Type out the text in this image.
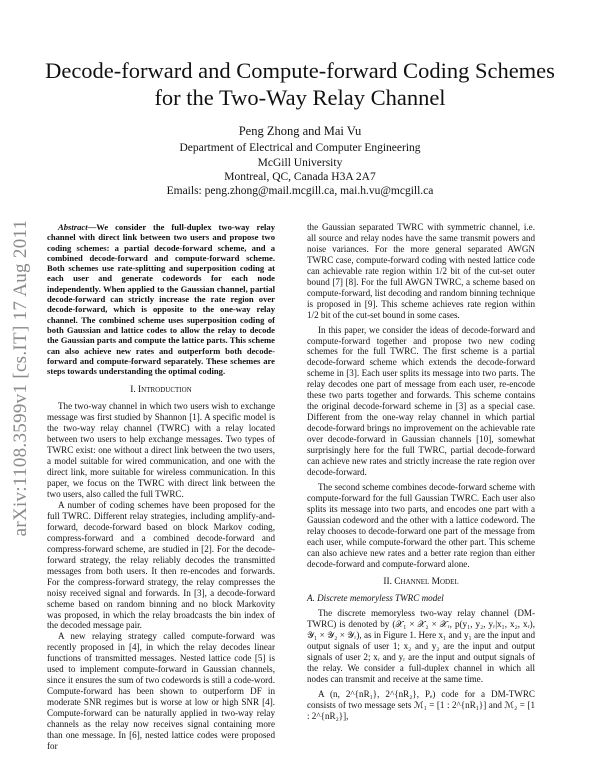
arXiv:1108.3599v1 [cs.IT] 17 Aug 2011
Decode-forward and Compute-forward Coding Schemes for the Two-Way Relay Channel
Peng Zhong and Mai Vu
Department of Electrical and Computer Engineering
McGill University
Montreal, QC, Canada H3A 2A7
Emails: peng.zhong@mail.mcgill.ca, mai.h.vu@mcgill.ca
Abstract—We consider the full-duplex two-way relay channel with direct link between two users and propose two coding schemes: a partial decode-forward scheme, and a combined decode-forward and compute-forward scheme. Both schemes use rate-splitting and superposition coding at each user and generate codewords for each node independently. When applied to the Gaussian channel, partial decode-forward can strictly increase the rate region over decode-forward, which is opposite to the one-way relay channel. The combined scheme uses superposition coding of both Gaussian and lattice codes to allow the relay to decode the Gaussian parts and compute the lattice parts. This scheme can also achieve new rates and outperform both decode-forward and compute-forward separately. These schemes are steps towards understanding the optimal coding.
I. Introduction

The two-way channel in which two users wish to exchange message was first studied by Shannon [1]. A specific model is the two-way relay channel (TWRC) with a relay located between two users to help exchange messages. Two types of TWRC exist: one without a direct link between the two users, a model suitable for wired communication, and one with the direct link, more suitable for wireless communication. In this paper, we focus on the TWRC with direct link between the two users, also called the full TWRC.

A number of coding schemes have been proposed for the full TWRC. Different relay strategies, including amplify-and-forward, decode-forward based on block Markov coding, compress-forward and a combined decode-forward and compress-forward scheme, are studied in [2]. For the decode-forward strategy, the relay reliably decodes the transmitted messages from both users. It then re-encodes and forwards. For the compress-forward strategy, the relay compresses the noisy received signal and forwards. In [3], a decode-forward scheme based on random binning and no block Markovity was proposed, in which the relay broadcasts the bin index of the decoded message pair.

A new relaying strategy called compute-forward was recently proposed in [4], in which the relay decodes linear functions of transmitted messages. Nested lattice code [5] is used to implement compute-forward in Gaussian channels, since it ensures the sum of two codewords is still a code-word. Compute-forward has been shown to outperform DF in moderate SNR regimes but is worse at low or high SNR [4]. Compute-forward can be naturally applied in two-way relay channels as the relay now receives signal containing more than one message. In [6], nested lattice codes were proposed for

the Gaussian separated TWRC with symmetric channel, i.e. all source and relay nodes have the same transmit powers and noise variances. For the more general separated AWGN TWRC case, compute-forward coding with nested lattice code can achievable rate region within 1/2 bit of the cut-set outer bound [7] [8]. For the full AWGN TWRC, a scheme based on compute-forward, list decoding and random binning technique is proposed in [9]. This scheme achieves rate region within 1/2 bit of the cut-set bound in some cases.

In this paper, we consider the ideas of decode-forward and compute-forward together and propose two new coding schemes for the full TWRC. The first scheme is a partial decode-forward scheme which extends the decode-forward scheme in [3]. Each user splits its message into two parts. The relay decodes one part of message from each user, re-encode these two parts together and forwards. This scheme contains the original decode-forward scheme in [3] as a special case. Different from the one-way relay channel in which partial decode-forward brings no improvement on the achievable rate over decode-forward in Gaussian channels [10], somewhat surprisingly here for the full TWRC, partial decode-forward can achieve new rates and strictly increase the rate region over decode-forward.

The second scheme combines decode-forward scheme with compute-forward for the full Gaussian TWRC. Each user also splits its message into two parts, and encodes one part with a Gaussian codeword and the other with a lattice codeword. The relay chooses to decode-forward one part of the message from each user, while compute-forward the other part. This scheme can also achieve new rates and a better rate region than either decode-forward and compute-forward alone.

II. Channel Model
A. Discrete memoryless TWRC model

The discrete memoryless two-way relay channel (DM-TWRC) is denoted by (𝒳₁ × 𝒳₂ × 𝒳ᵣ, p(y₁, y₂, yᵣ|x₁, x₂, xᵣ), 𝒴₁ × 𝒴₂ × 𝒴ᵣ), as in Figure 1. Here x₁ and y₁ are the input and output signals of user 1; x₂ and y₂ are the input and output signals of user 2; xᵣ and yᵣ are the input and output signals of the relay. We consider a full-duplex channel in which all nodes can transmit and receive at the same time.

A (n, 2^{nR₁}, 2^{nR₂}, Pₑ) code for a DM-TWRC consists of two message sets ℳ₁ = [1 : 2^{nR₁}] and ℳ₂ = [1 : 2^{nR₂}],
